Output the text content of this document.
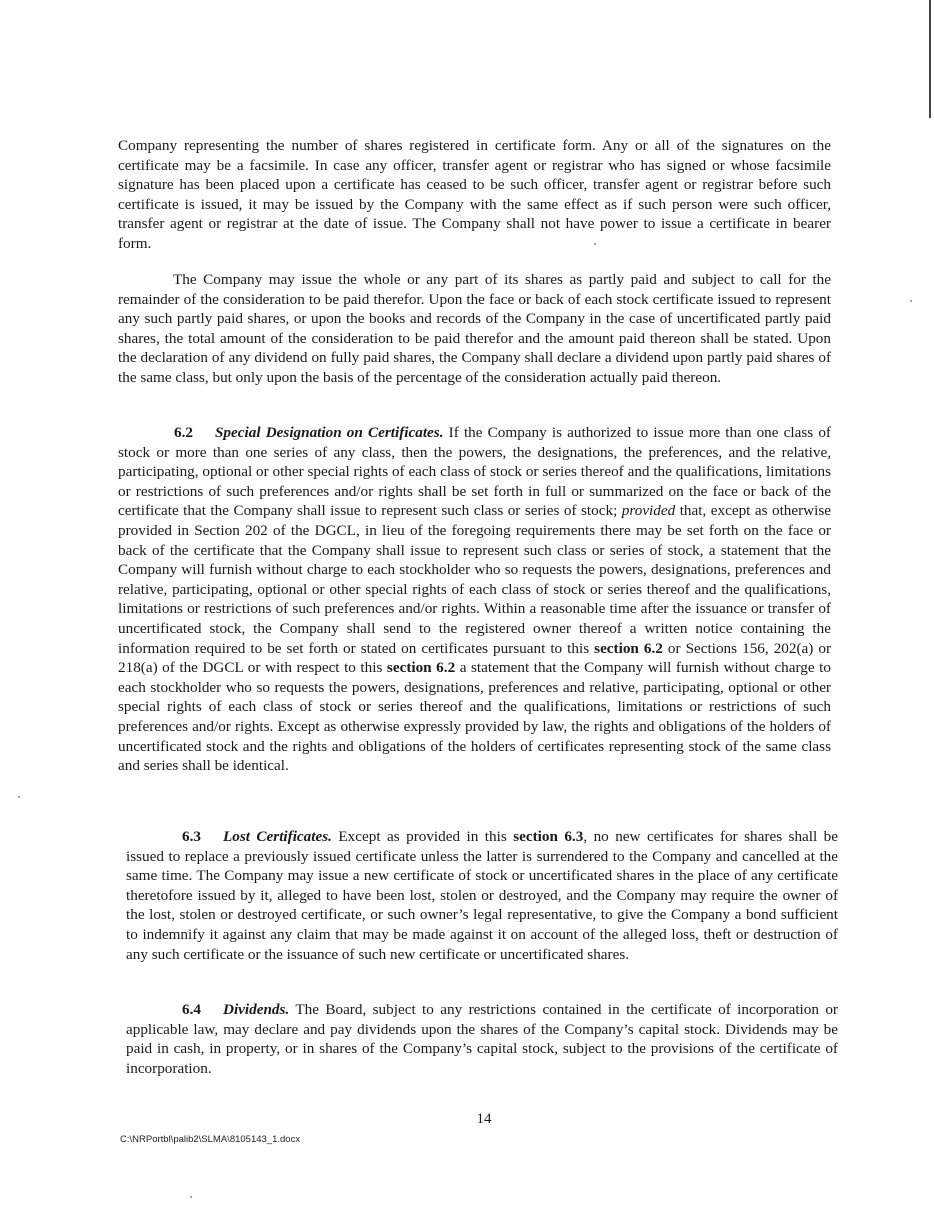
Company representing the number of shares registered in certificate form. Any or all of the signatures on the certificate may be a facsimile. In case any officer, transfer agent or registrar who has signed or whose facsimile signature has been placed upon a certificate has ceased to be such officer, transfer agent or registrar before such certificate is issued, it may be issued by the Company with the same effect as if such person were such officer, transfer agent or registrar at the date of issue. The Company shall not have power to issue a certificate in bearer form.

The Company may issue the whole or any part of its shares as partly paid and subject to call for the remainder of the consideration to be paid therefor. Upon the face or back of each stock certificate issued to represent any such partly paid shares, or upon the books and records of the Company in the case of uncertificated partly paid shares, the total amount of the consideration to be paid therefor and the amount paid thereon shall be stated. Upon the declaration of any dividend on fully paid shares, the Company shall declare a dividend upon partly paid shares of the same class, but only upon the basis of the percentage of the consideration actually paid thereon.

6.2 Special Designation on Certificates. If the Company is authorized to issue more than one class of stock or more than one series of any class, then the powers, the designations, the preferences, and the relative, participating, optional or other special rights of each class of stock or series thereof and the qualifications, limitations or restrictions of such preferences and/or rights shall be set forth in full or summarized on the face or back of the certificate that the Company shall issue to represent such class or series of stock; provided that, except as otherwise provided in Section 202 of the DGCL, in lieu of the foregoing requirements there may be set forth on the face or back of the certificate that the Company shall issue to represent such class or series of stock, a statement that the Company will furnish without charge to each stockholder who so requests the powers, designations, preferences and relative, participating, optional or other special rights of each class of stock or series thereof and the qualifications, limitations or restrictions of such preferences and/or rights. Within a reasonable time after the issuance or transfer of uncertificated stock, the Company shall send to the registered owner thereof a written notice containing the information required to be set forth or stated on certificates pursuant to this section 6.2 or Sections 156, 202(a) or 218(a) of the DGCL or with respect to this section 6.2 a statement that the Company will furnish without charge to each stockholder who so requests the powers, designations, preferences and relative, participating, optional or other special rights of each class of stock or series thereof and the qualifications, limitations or restrictions of such preferences and/or rights. Except as otherwise expressly provided by law, the rights and obligations of the holders of uncertificated stock and the rights and obligations of the holders of certificates representing stock of the same class and series shall be identical.

6.3 Lost Certificates. Except as provided in this section 6.3, no new certificates for shares shall be issued to replace a previously issued certificate unless the latter is surrendered to the Company and cancelled at the same time. The Company may issue a new certificate of stock or uncertificated shares in the place of any certificate theretofore issued by it, alleged to have been lost, stolen or destroyed, and the Company may require the owner of the lost, stolen or destroyed certificate, or such owner’s legal representative, to give the Company a bond sufficient to indemnify it against any claim that may be made against it on account of the alleged loss, theft or destruction of any such certificate or the issuance of such new certificate or uncertificated shares.

6.4 Dividends. The Board, subject to any restrictions contained in the certificate of incorporation or applicable law, may declare and pay dividends upon the shares of the Company’s capital stock. Dividends may be paid in cash, in property, or in shares of the Company’s capital stock, subject to the provisions of the certificate of incorporation.

14
C:\NRPortbl\palib2\SLMA\8105143_1.docx
